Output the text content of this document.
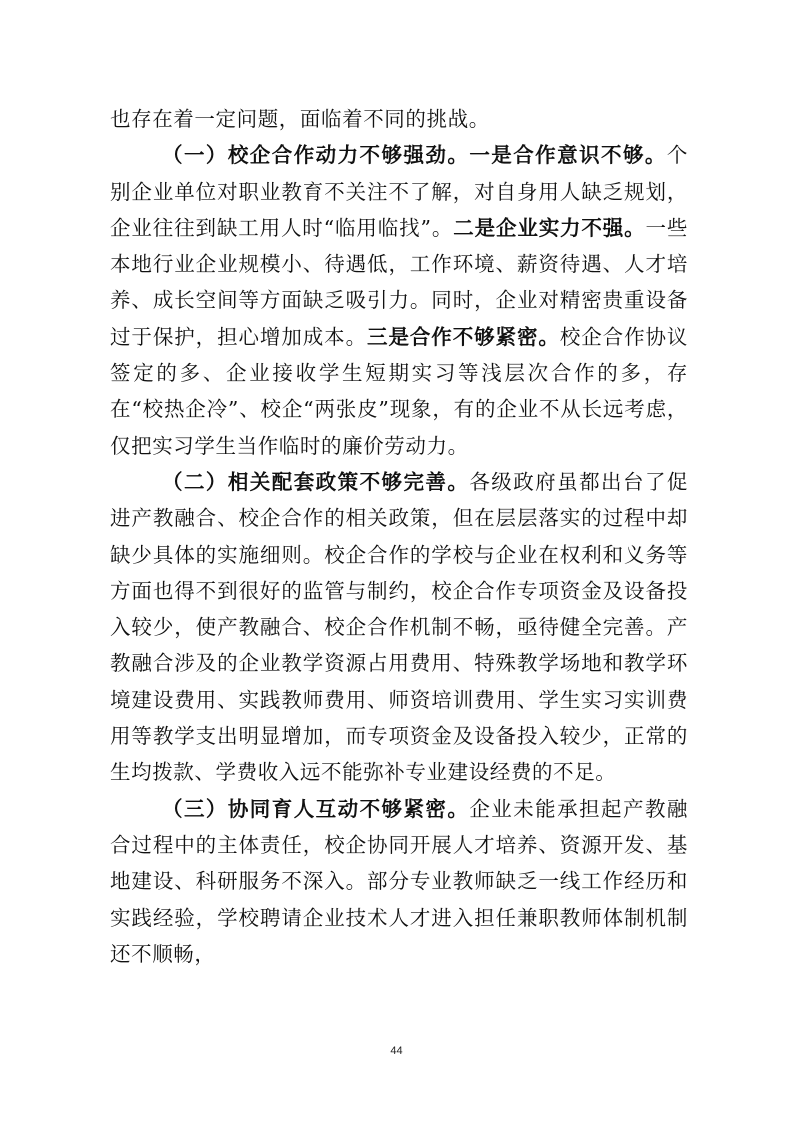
也存在着一定问题，面临着不同的挑战。

（一）校企合作动力不够强劲。一是合作意识不够。个别企业单位对职业教育不关注不了解，对自身用人缺乏规划，企业往往到缺工用人时“临用临找”。二是企业实力不强。一些本地行业企业规模小、待遇低，工作环境、薪资待遇、人才培养、成长空间等方面缺乏吸引力。同时，企业对精密贵重设备过于保护，担心增加成本。三是合作不够紧密。校企合作协议签定的多、企业接收学生短期实习等浅层次合作的多，存在“校热企冷”、校企“两张皮”现象，有的企业不从长远考虑，仅把实习学生当作临时的廉价劳动力。

（二）相关配套政策不够完善。各级政府虽都出台了促进产教融合、校企合作的相关政策，但在层层落实的过程中却缺少具体的实施细则。校企合作的学校与企业在权利和义务等方面也得不到很好的监管与制约，校企合作专项资金及设备投入较少，使产教融合、校企合作机制不畅，亟待健全完善。产教融合涉及的企业教学资源占用费用、特殊教学场地和教学环境建设费用、实践教师费用、师资培训费用、学生实习实训费用等教学支出明显增加，而专项资金及设备投入较少，正常的生均拨款、学费收入远不能弥补专业建设经费的不足。

（三）协同育人互动不够紧密。企业未能承担起产教融合过程中的主体责任，校企协同开展人才培养、资源开发、基地建设、科研服务不深入。部分专业教师缺乏一线工作经历和实践经验，学校聘请企业技术人才进入担任兼职教师体制机制还不顺畅，

44
